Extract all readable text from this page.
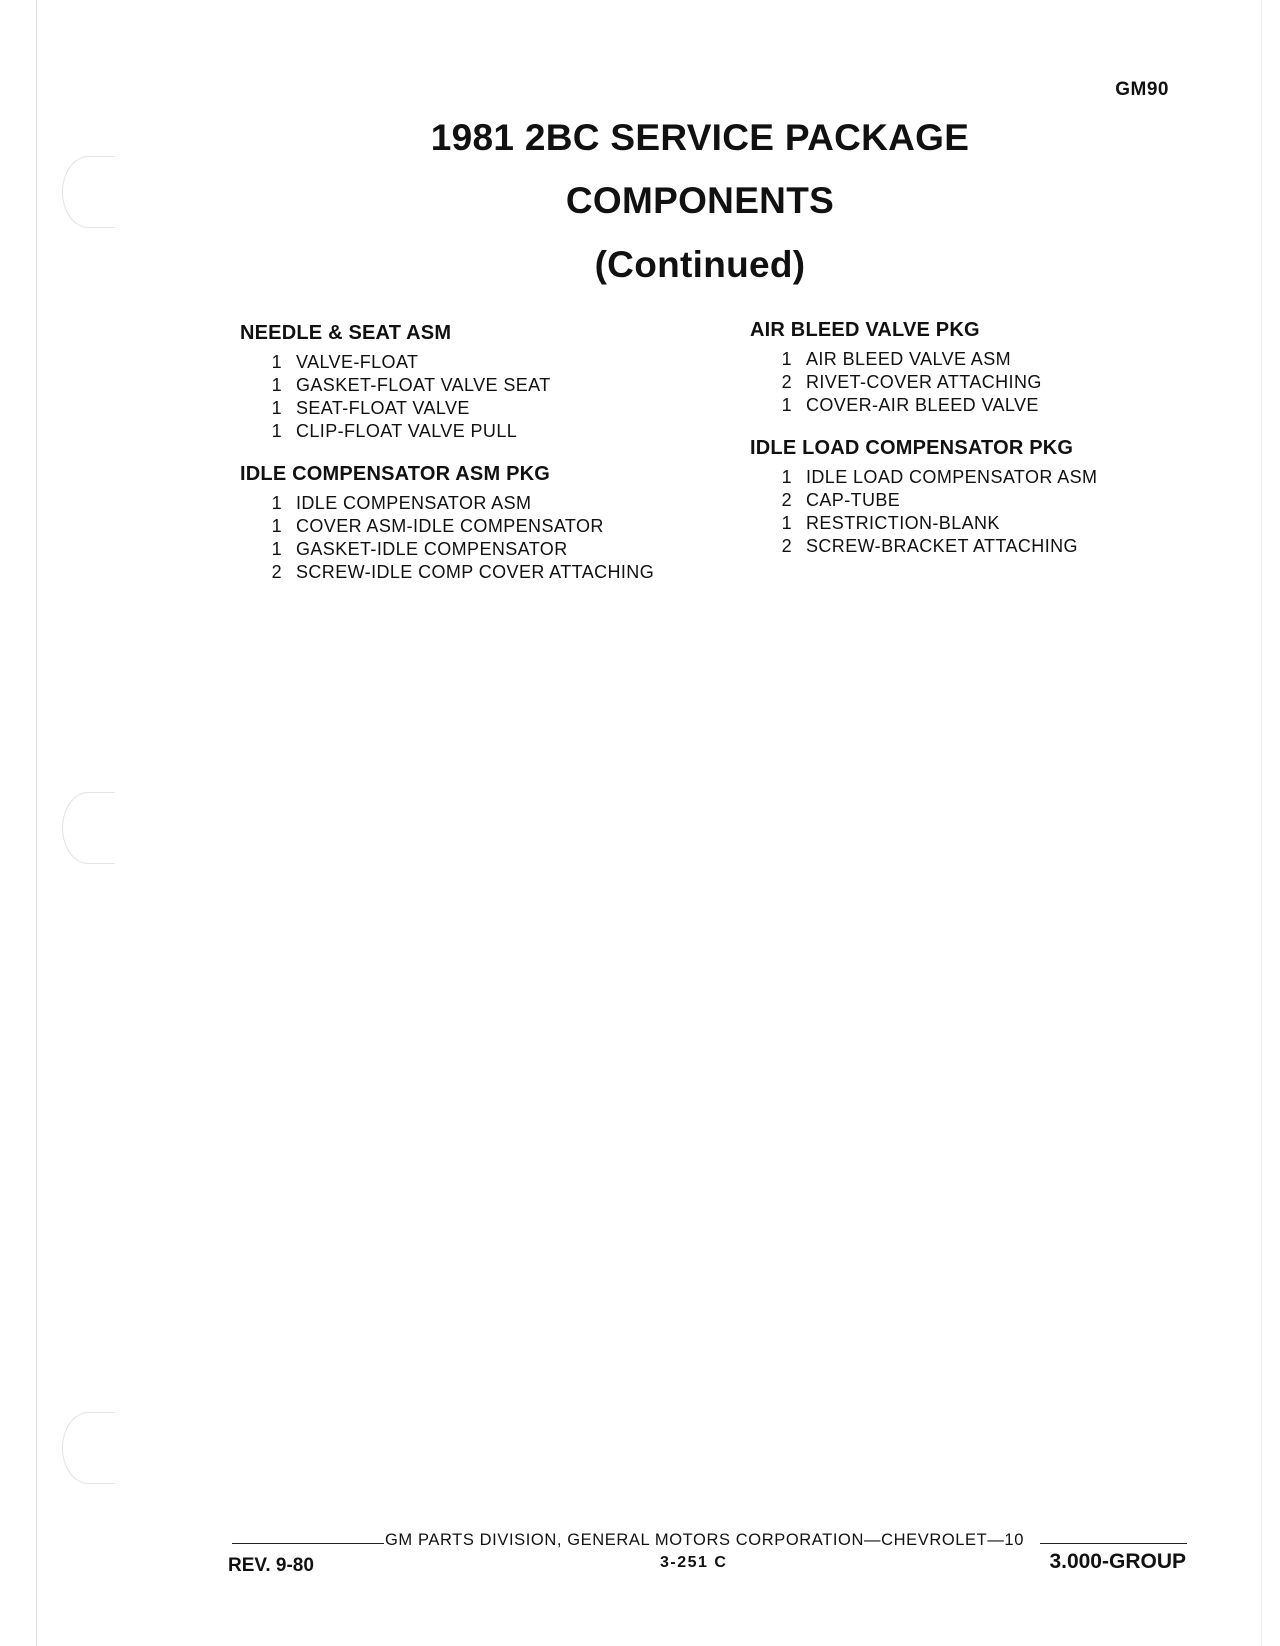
GM90
1981 2BC SERVICE PACKAGE
COMPONENTS
(Continued)
NEEDLE & SEAT ASM
1 VALVE-FLOAT
1 GASKET-FLOAT VALVE SEAT
1 SEAT-FLOAT VALVE
1 CLIP-FLOAT VALVE PULL
IDLE COMPENSATOR ASM PKG
1 IDLE COMPENSATOR ASM
1 COVER ASM-IDLE COMPENSATOR
1 GASKET-IDLE COMPENSATOR
2 SCREW-IDLE COMP COVER ATTACHING
AIR BLEED VALVE PKG
1 AIR BLEED VALVE ASM
2 RIVET-COVER ATTACHING
1 COVER-AIR BLEED VALVE
IDLE LOAD COMPENSATOR PKG
1 IDLE LOAD COMPENSATOR ASM
2 CAP-TUBE
1 RESTRICTION-BLANK
2 SCREW-BRACKET ATTACHING
GM PARTS DIVISION, GENERAL MOTORS CORPORATION—CHEVROLET—10
REV. 9-80	3-251 C	3.000-GROUP
